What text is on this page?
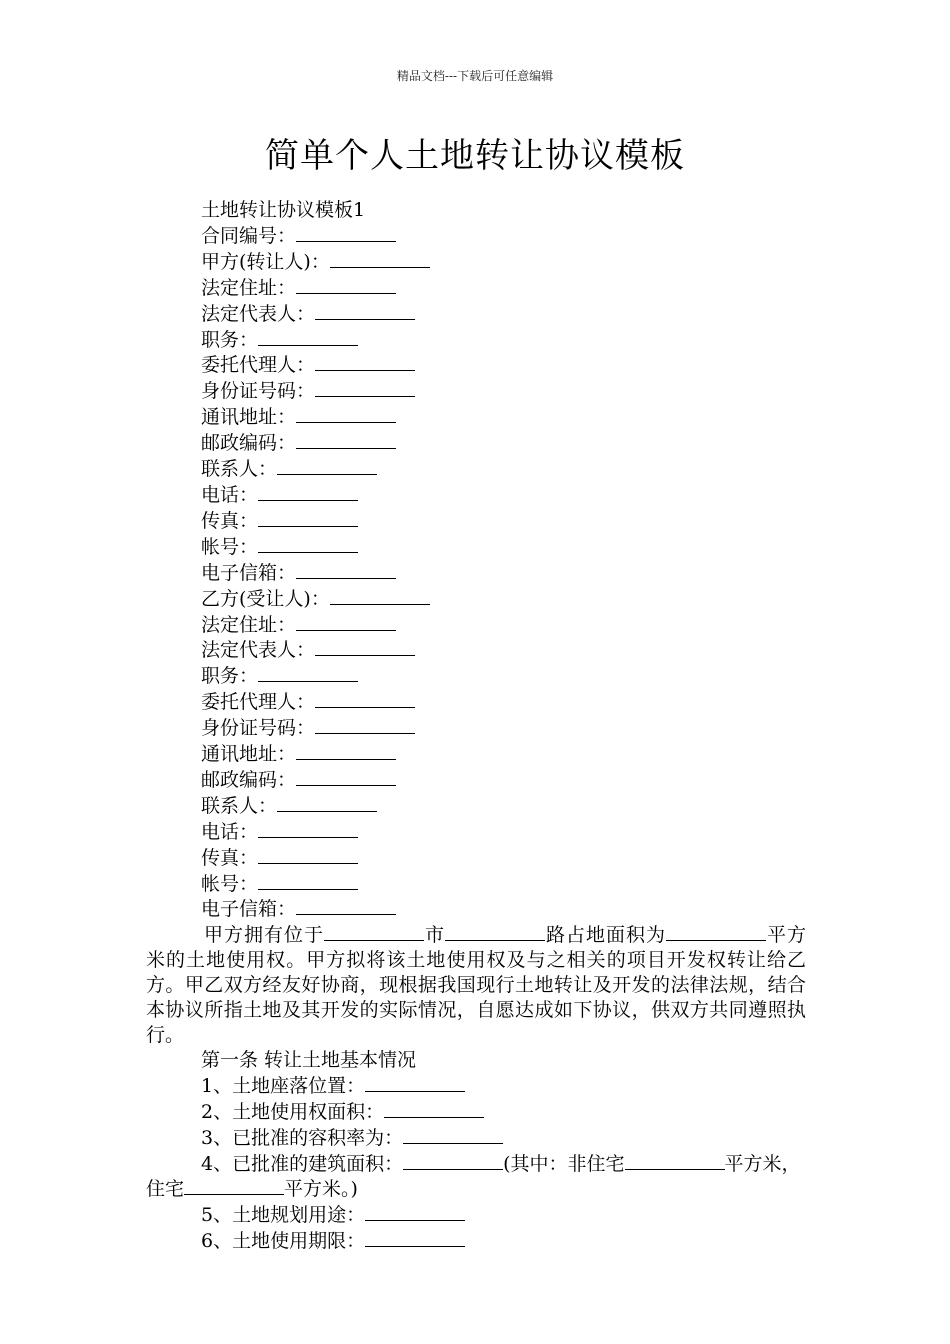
精品文档---下载后可任意编辑
简单个人土地转让协议模板
土地转让协议模板1
合同编号：
甲方(转让人)：
法定住址：
法定代表人：
职务：
委托代理人：
身份证号码：
通讯地址：
邮政编码：
联系人：
电话：
传真：
帐号：
电子信箱：
乙方(受让人)：
法定住址：
法定代表人：
职务：
委托代理人：
身份证号码：
通讯地址：
邮政编码：
联系人：
电话：
传真：
帐号：
电子信箱：

甲方拥有位于	市	路占地面积为	平方米的土地使用权。甲方拟将该土地使用权及与之相关的项目开发权转让给乙方。甲乙双方经友好协商，现根据我国现行土地转让及开发的法律法规，结合本协议所指土地及其开发的实际情况，自愿达成如下协议，供双方共同遵照执行。

第一条 转让土地基本情况
1、土地座落位置：
2、土地使用权面积：
3、已批准的容积率为：

4、已批准的建筑面积：	(其中：非住宅	平方米，住宅	平方米。)

5、土地规划用途：
6、土地使用期限：
